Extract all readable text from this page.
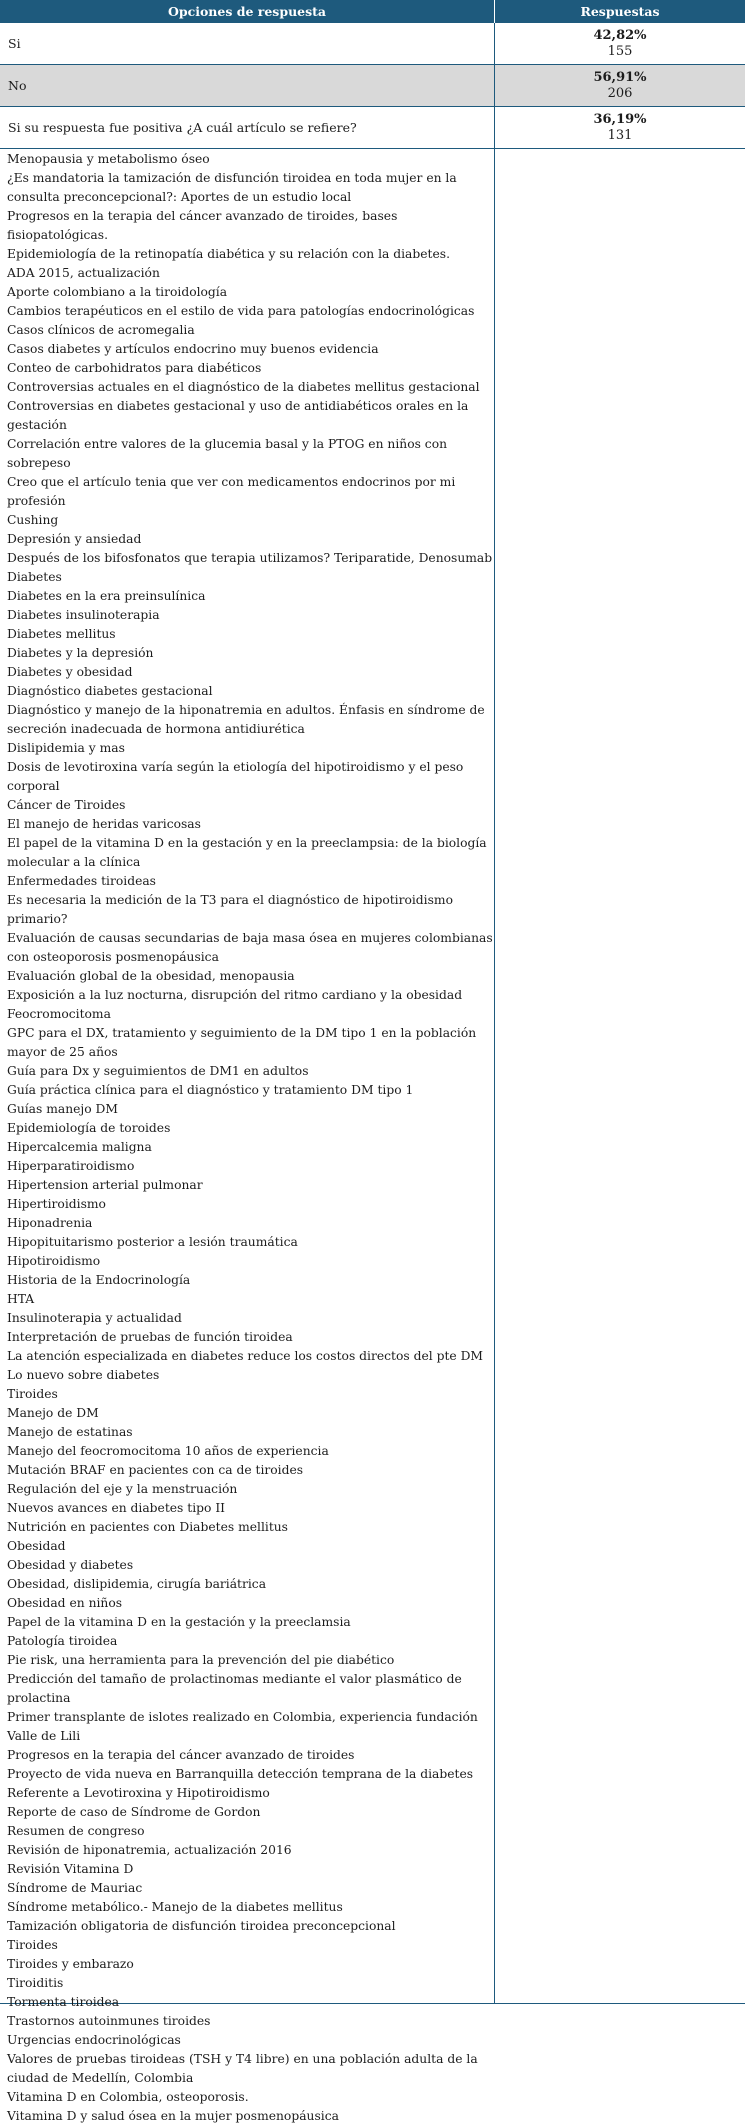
Opciones de respuesta	Respuestas
Si
42,82%
155
No
56,91%
206
Si su respuesta fue positiva ¿A cuál artículo se refiere?
36,19%
131
Menopausia y metabolismo óseo
¿Es mandatoria la tamización de disfunción tiroidea en toda mujer en la consulta preconcepcional?: Aportes de un estudio local
Progresos en la terapia del cáncer avanzado de tiroides, bases fisiopatológicas.
Epidemiología de la retinopatía diabética y su relación con la diabetes.
ADA 2015, actualización
Aporte colombiano a la tiroidología
Cambios terapéuticos en el estilo de vida para patologías endocrinológicas
Casos clínicos de acromegalia
Casos diabetes y artículos endocrino muy buenos evidencia
Conteo de carbohidratos para diabéticos
Controversias actuales en el diagnóstico de la diabetes mellitus gestacional
Controversias en diabetes gestacional y uso de antidiabéticos orales en la gestación
Correlación entre valores de la glucemia basal y la PTOG en niños con sobrepeso
Creo que el artículo tenia que ver con medicamentos endocrinos por mi profesión
Cushing
Depresión y ansiedad
Después de los bifosfonatos que terapia utilizamos? Teriparatide, Denosumab
Diabetes
Diabetes en la era preinsulínica
Diabetes insulinoterapia
Diabetes mellitus
Diabetes y la depresión
Diabetes y obesidad
Diagnóstico diabetes gestacional
Diagnóstico y manejo de la hiponatremia en adultos. Énfasis en síndrome de secreción inadecuada de hormona antidiurética
Dislipidemia y mas
Dosis de levotiroxina varía según la etiología del hipotiroidismo y el peso corporal
Cáncer de Tiroides
El manejo de heridas varicosas
El papel de la vitamina D en la gestación y en la preeclampsia: de la biología molecular a la clínica
Enfermedades tiroideas
Es necesaria la medición de la T3 para el diagnóstico de hipotiroidismo primario?
Evaluación de causas secundarias de baja masa ósea en mujeres colombianas con osteoporosis posmenopáusica
Evaluación global de la obesidad, menopausia
Exposición a la luz nocturna, disrupción del ritmo cardiano y la obesidad
Feocromocitoma
GPC para el DX, tratamiento y seguimiento de la DM tipo 1 en la población mayor de 25 años
Guía para Dx y seguimientos de DM1 en adultos
Guía práctica clínica para el diagnóstico y tratamiento DM tipo 1
Guías manejo DM
Epidemiología de toroides
Hipercalcemia maligna
Hiperparatiroidismo
Hipertension arterial pulmonar
Hipertiroidismo
Hiponadrenia
Hipopituitarismo posterior a lesión traumática
Hipotiroidismo
Historia de la Endocrinología
HTA
Insulinoterapia y actualidad
Interpretación de pruebas de función tiroidea
La atención especializada en diabetes reduce los costos directos del pte DM
Lo nuevo sobre diabetes
Tiroides
Manejo de DM
Manejo de estatinas
Manejo del feocromocitoma 10 años de experiencia
Mutación BRAF en pacientes con ca de tiroides
Regulación del eje y la menstruación
Nuevos avances en diabetes tipo II
Nutrición en pacientes con Diabetes mellitus
Obesidad
Obesidad y diabetes
Obesidad, dislipidemia, cirugía bariátrica
Obesidad en niños
Papel de la vitamina D en la gestación y la preeclamsia
Patología tiroidea
Pie risk, una herramienta para la prevención del pie diabético
Predicción del tamaño de prolactinomas mediante el valor plasmático de prolactina
Primer transplante de islotes realizado en Colombia, experiencia fundación Valle de Lili
Progresos en la terapia del cáncer avanzado de tiroides
Proyecto de vida nueva en Barranquilla detección temprana de la diabetes
Referente a Levotiroxina y Hipotiroidismo
Reporte de caso de Síndrome de Gordon
Resumen de congreso
Revisión de hiponatremia, actualización 2016
Revisión Vitamina D
Síndrome de Mauriac
Síndrome metabólico.- Manejo de la diabetes mellitus
Tamización obligatoria de disfunción tiroidea preconcepcional
Tiroides
Tiroides y embarazo
Tiroiditis
Tormenta tiroidea
Trastornos autoinmunes tiroides
Urgencias endocrinológicas
Valores de pruebas tiroideas (TSH y T4 libre) en una población adulta de la ciudad de Medellín, Colombia
Vitamina D en Colombia, osteoporosis.
Vitamina D y salud ósea en la mujer posmenopáusica
